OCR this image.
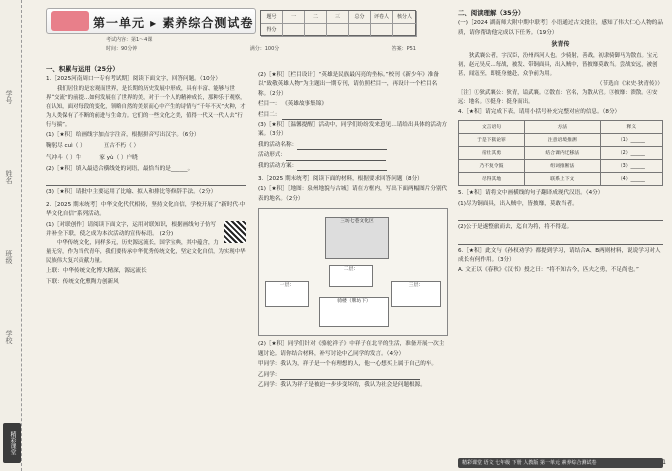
学号
姓名
班级
学校
精彩课堂
第一单元 ▸ 素养综合测试卷
考试内容：第1～4课
时间：90分钟	满分：100分	答案：P51
题号	一	二	三	总分	评卷人	核分人
得分
一、积累与运用（25分）
1.［2025河南周口一专有考试期］阅读下面文字，回答问题。（10分）
我们居住的是宏观而世界，是长期的历史发展中形成，具有丰富、能够与世界“交流”的前提…如何发展在了世界的美，对于一个人的精神成长，那种乐于观察，在认知，面对每段的变化，领略自然的美景而心中产生的诗情与“千年不灭”火种，才为人类保有了不断的前进与生命力。它们的一些文化之美，值得一代又一代人去“行行与揣”。
(1)［★积］给画线字加点字注音，根据拼音写出汉字。（6分）
鞠躬尽 cuì（ ）	亘古不朽（ ）
气冲斗（ ）牛	家 yù（ ）户晓
(2)［★积］填入最适合横线处的词语，最恰当的是______。
(3)［★积］请批中主要运用了比喻、拟人和排比等修辞手法。（2分）
2.［2025 期末统考］中华文化代代相传，坚持文化自信，学校开展了“新时代·中华文化自信”系列活动。
(1)［对联创作］请阅读下面文字，运用对联知识，根据画线句子仿写并补全下联，使之成为本次活动的宣传标语。 (2分)
中华传统文化，同样多元，历史源远流长，国学宝典，其中蕴含，力量无穷，作为当代青年，我们要传承中华优秀传统文化，坚定文化自信，为实现中华民族伟大复兴贡献力量。
上联：中华传统文化博大精深，源远流长
下联：传统文化熏陶力创新风
(2)［★积］［栏目设计］“英雄是民族最闪亮的坐标。”校刊《新少年》准备以“致敬英雄人物”为主题出一期专刊，请仿照栏目一，再设计一个栏目名称。（2分）
栏目一： 《英雄故事集锦》
栏目二：
(3)［★积］［温馨提醒］活动中，同学们纷纷发来意见…请给出具体的活动方案。（3分）
我的活动名称：
活动形式：
我的活动方案：
3.［2025 期末统考］阅读下面的材料，根据要求回答问题（8分）
(1)［★积］［地图：泉州地貌与古城］请在方框内，写出下面两幅图片分别代表的地名。（2分）
一层：
二层：
三层：
三坊七巷文化区
骑楼（牌坊下）
(2)［★积］同学们针对《骆驼祥子》中祥子在北平的生活，准备开展一次主题讨论。请你结合材料，补写讨论中乙同学的发言。（4分）
甲同学：我认为，祥子是一个有理想的人，他一心想买上属于自己的车。
乙同学：
乙同学：我认为祥子是被迫一步步变坏的，我认为社会是问题根源。
二、阅读理解（35分）
(一)［2024 湖南师大附中期中联考］小语通过古文批注，感知了伟大仁心人物的品质，请你帮助他完成以下任务。（19分）
狄青传
狄武襄公者，字汉臣，汾州西河人也。少骑射，善战，初隶骑御马为散直。宝元初，赵元昊反…每战，被发、带铜面具，出入贼中，皆披靡莫敢当。尝战安远，被创甚，闻寇至，即挺身驰赴，众争前为用。
（节选自《宋史·狄青传》）
［注］①狄武襄公：狄青，谥武襄。②散直：官名，为散从官。③披靡：溃散。④安远：地名。⑤挺身：挺身而出。
4.［★积］请完成下表，请用小括号补充完整对应的信息。（8分）
文言语句	方法	释义
于是下狱论罪	注意语境推测	（1）______
帝壮其勇	结合课内迁移法	（2）______
乃不复令鼓	组词推断法	（3）______
尽得其地	联系上下文	（4）______
5.［★积］请将文中画横线的句子翻译成现代汉语。（4分）
(1)尽为铜面具，出入贼中，皆披靡，莫敢当者。
(2)公于是遂整旅而去，迄自为将，将不得逞。
6.［★积］此文与《孙权劝学》都提到学习，请结合A、B两则材料，说说学习对人成长有何作用。（3分）
A. 文正以《春秋》《汉书》授之曰：“将不知古今，匹夫之勇，不足尚也。”
精彩课堂 语文 七年级 下册 人教版 第一单元 素养综合测试卷	1
